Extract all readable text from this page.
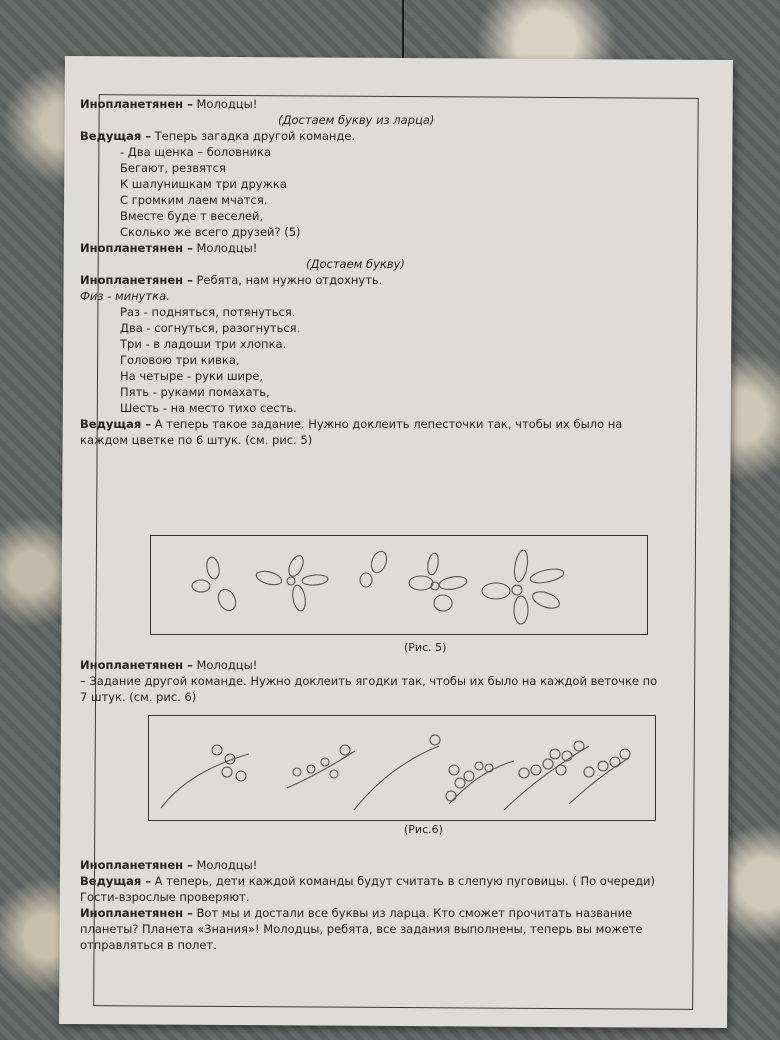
Инопланетянен – Молодцы!
(Достаем букву из ларца)
Ведущая – Теперь загадка другой команде.
- Два щенка – боловника
Бегают, резвятся
К шалунишкам три дружка
С громким лаем мчатся.
Вместе буде т веселей,
Сколько же всего друзей? (5)
Инопланетянен – Молодцы!
(Достаем букву)
Инопланетянен – Ребята, нам нужно отдохнуть.
Физ - минутка.
Раз - подняться, потянуться.
Два - согнуться, разогнуться.
Три - в ладоши три хлопка.
Головою три кивка,
На четыре - руки шире,
Пять - руками помахать,
Шесть - на место тихо сесть.
Ведущая – А теперь такое задание. Нужно доклеить лепесточки так, чтобы их было на
каждом цветке по 6 штук. (см. рис. 5)
(Рис. 5)
Инопланетянен – Молодцы!
– Задание другой команде. Нужно доклеить ягодки так, чтобы их было на каждой веточке по
7 штук. (см. рис. 6)
(Рис.6)
Инопланетянен – Молодцы!
Ведущая – А теперь, дети каждой команды будут считать в слепую пуговицы. ( По очереди)
Гости-взрослые проверяют.
Инопланетянен – Вот мы и достали все буквы из ларца. Кто сможет прочитать название
планеты? Планета «Знания»! Молодцы, ребята, все задания выполнены, теперь вы можете
отправляться в полет.
